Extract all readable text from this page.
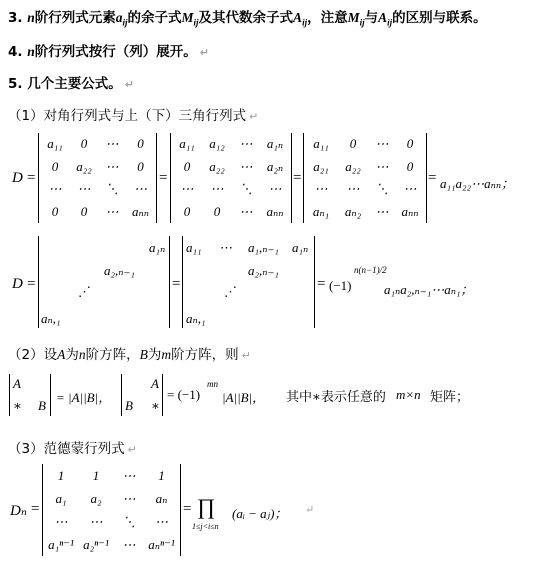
3. n阶行列式元素$a_{ij}$的余子式$M_{ij}$及其代数余子式$A_{ij}$，注意$M_{ij}$与$A_{ij}$的区别与联系。
4. n阶行列式按行（列）展开。 ↵
5. 几个主要公式。 ↵
（1）对角行列式与上（下）三角行列式 ↵
D =
a₁₁ 0 ⋯ 0
0 a₂₂ ⋯ 0
⋯ ⋯ ⋱ ⋯
0 0 ⋯ aₙₙ
=
a₁₁ a₁₂ ⋯ a₁ₙ
0 a₂₂ ⋯ a₂ₙ
⋯ ⋯ ⋱ ⋯
0 0 ⋯ aₙₙ
=
a₁₁ 0 ⋯ 0
a₂₁ a₂₂ ⋯ 0
⋯ ⋯ ⋱ ⋯
aₙ₁ aₙ₂ ⋯ aₙₙ
= a₁₁a₂₂⋯aₙₙ；
D =
a₁ₙ
a₂,ₙ₋₁
⋰
aₙ,₁
=
a₁₁ ⋯ a₁,ₙ₋₁ a₁ₙ
a₂,ₙ₋₁
⋰
aₙ,₁
= (−1)
n(n−1)/2
a₁ₙa₂,ₙ₋₁⋯aₙ₁；
（2）设A为n阶方阵，B为m阶方阵，则 ↵
A
∗ B
= |A||B|，
A
B ∗
= (−1)
mn
|A||B|， 其中∗表示任意的 m×n 矩阵；
（3）范德蒙行列式 ↵
Dₙ =
1 1 ⋯ 1
a₁ a₂ ⋯ aₙ
⋯ ⋯ ⋱ ⋯
a₁ⁿ⁻¹ a₂ⁿ⁻¹ ⋯ aₙⁿ⁻¹
= ∏
1≤j<i≤n
(aᵢ − aⱼ)； ↵
